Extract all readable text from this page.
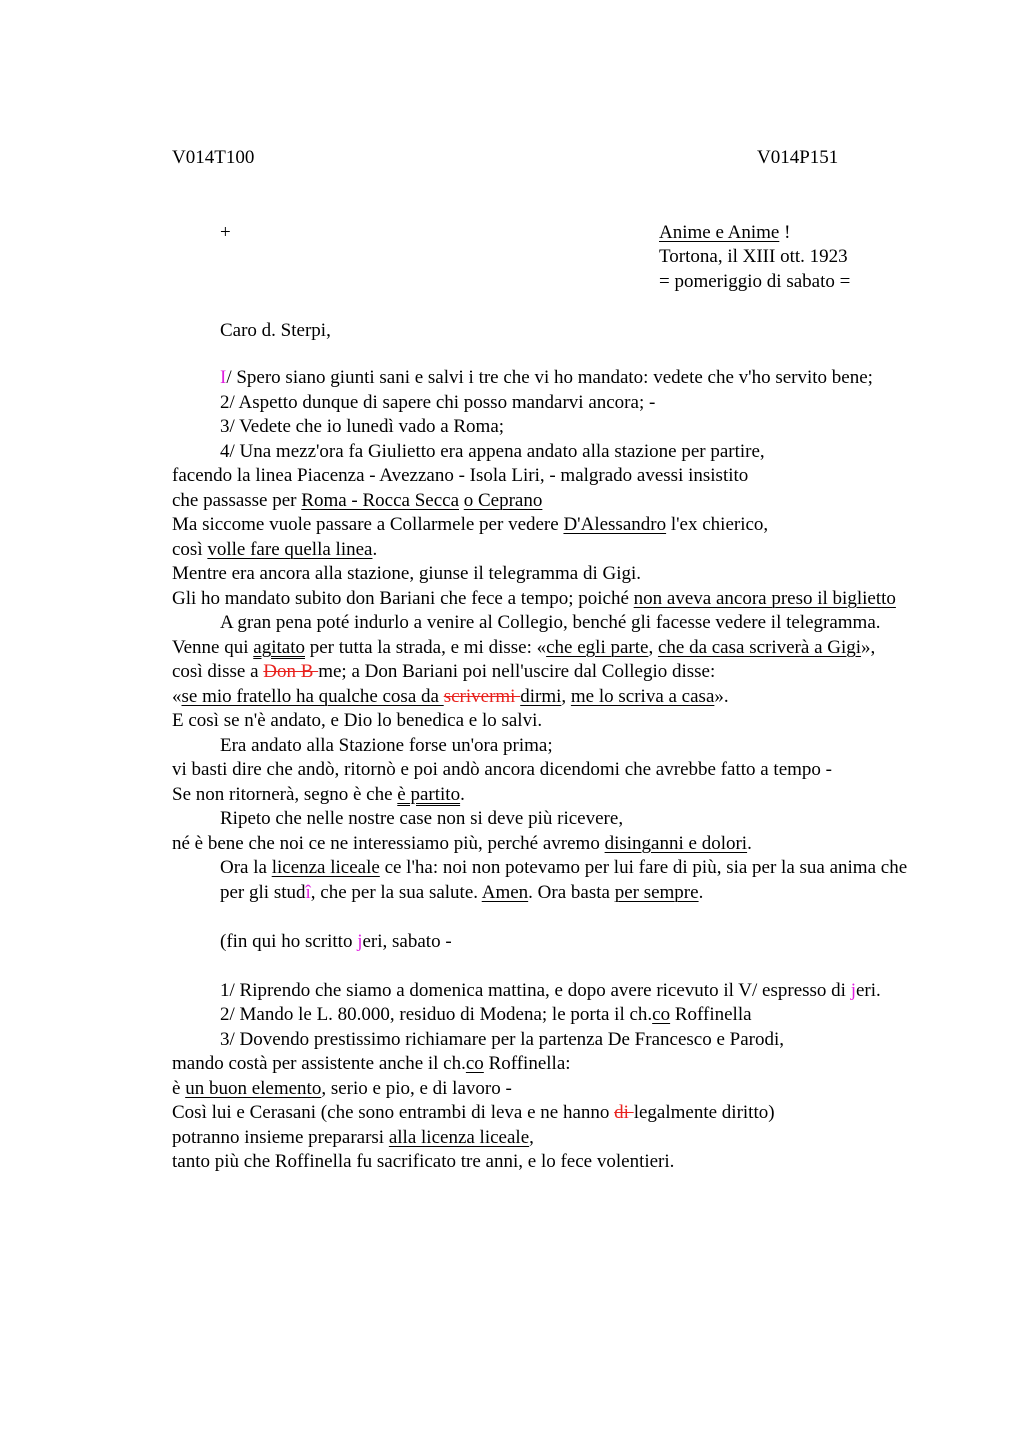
V014T100	V014P151
+	Anime e Anime !
Tortona, il XIII ott. 1923
= pomeriggio di sabato =
Caro d. Sterpi,

I/ Spero siano giunti sani e salvi i tre che vi ho mandato: vedete che v'ho servito bene;

2/ Aspetto dunque di sapere chi posso mandarvi ancora; -

3/ Vedete che io lunedì vado a Roma;

4/ Una mezz'ora fa Giulietto era appena andato alla stazione per partire,

facendo la linea Piacenza - Avezzano - Isola Liri, - malgrado avessi insistito

che passasse per Roma - Rocca Secca o Ceprano

Ma siccome vuole passare a Collarmele per vedere D'Alessandro l'ex chierico,

così volle fare quella linea.

Mentre era ancora alla stazione, giunse il telegramma di Gigi.

Gli ho mandato subito don Bariani che fece a tempo; poiché non aveva ancora preso il biglietto

A gran pena poté indurlo a venire al Collegio, benché gli facesse vedere il telegramma.

Venne qui agitato per tutta la strada, e mi disse: «che egli parte, che da casa scriverà a Gigi»,

così disse a Don B me; a Don Bariani poi nell'uscire dal Collegio disse:

«se mio fratello ha qualche cosa da scrivermi dirmi, me lo scriva a casa».

E così se n'è andato, e Dio lo benedica e lo salvi.

Era andato alla Stazione forse un'ora prima;

vi basti dire che andò, ritornò e poi andò ancora dicendomi che avrebbe fatto a tempo -

Se non ritornerà, segno è che è partito.

Ripeto che nelle nostre case non si deve più ricevere,

né è bene che noi ce ne interessiamo più, perché avremo disinganni e dolori.

Ora la licenza liceale ce l'ha: noi non potevamo per lui fare di più, sia per la sua anima che per gli studî, che per la sua salute. Amen. Ora basta per sempre.

(fin qui ho scritto jeri, sabato -

1/ Riprendo che siamo a domenica mattina, e dopo avere ricevuto il V/ espresso di jeri.

2/ Mando le L. 80.000, residuo di Modena; le porta il ch.co Roffinella

3/ Dovendo prestissimo richiamare per la partenza De Francesco e Parodi,

mando costà per assistente anche il ch.co Roffinella:

è un buon elemento, serio e pio, e di lavoro -

Così lui e Cerasani (che sono entrambi di leva e ne hanno di legalmente diritto)

potranno insieme prepararsi alla licenza liceale,

tanto più che Roffinella fu sacrificato tre anni, e lo fece volentieri.
